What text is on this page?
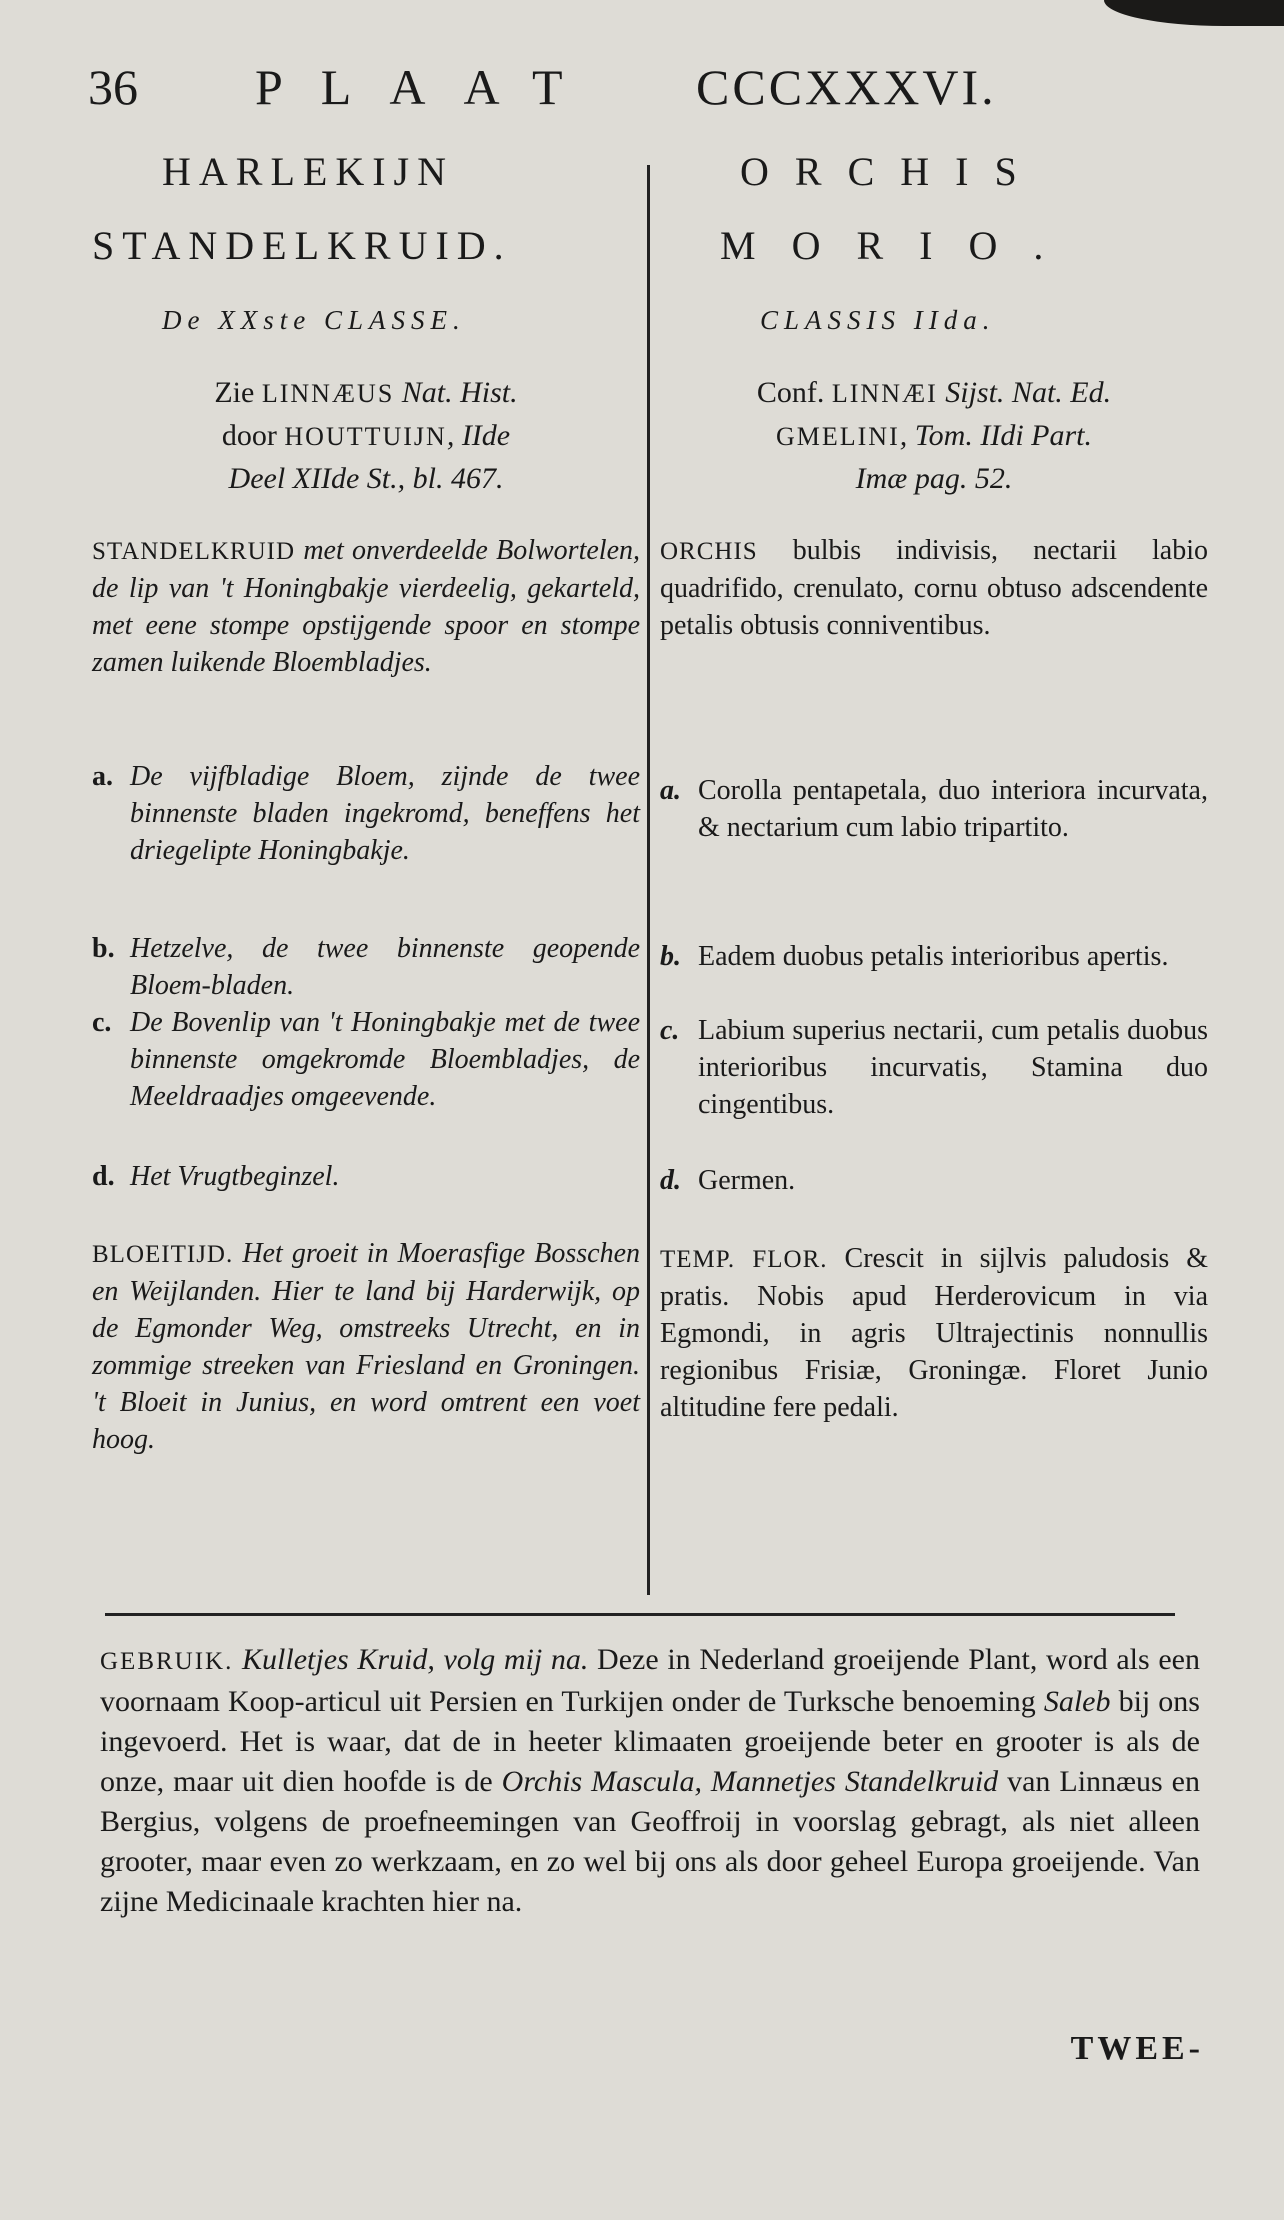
36 PLAAT CCCXXXVI.
HARLEKIJN
STANDELKRUID.
De XXste CLASSE.
Zie LINNÆUS Nat. Hist.
door HOUTTUIJN, IIde
Deel XIIde St., bl. 467.
STANDELKRUID met onverdeelde Bolwortelen, de lip van 't Honingbakje vierdeelig, gekarteld, met eene stompe opstijgende spoor en stompe zamen luikende Bloembladjes.
a. De vijfbladige Bloem, zijnde de twee binnenste bladen ingekromd, beneffens het driegelipte Honingbakje.
b. Hetzelve, de twee binnenste geopende Bloem-bladen.
c. De Bovenlip van 't Honingbakje met de twee binnenste omgekromde Bloembladjes, de Meeldraadjes omgeevende.
d. Het Vrugtbeginzel.
BLOEITIJD. Het groeit in Moerasfige Bosschen en Weijlanden. Hier te land bij Harderwijk, op de Egmonder Weg, omstreeks Utrecht, en in zommige streeken van Friesland en Groningen. 't Bloeit in Junius, en word omtrent een voet hoog.
ORCHIS
MORIO.
CLASSIS IIda.
Conf. LINNÆI Sijst. Nat. Ed.
GMELINI, Tom. IIdi Part.
Imæ pag. 52.
ORCHIS bulbis indivisis, nectarii labio quadrifido, crenulato, cornu obtuso adscendente petalis obtusis conniventibus.
a. Corolla pentapetala, duo interiora incurvata, & nectarium cum labio tripartito.
b. Eadem duobus petalis interioribus apertis.
c. Labium superius nectarii, cum petalis duobus interioribus incurvatis, Stamina duo cingentibus.
d. Germen.
TEMP. FLOR. Crescit in sijlvis paludosis & pratis. Nobis apud Herderovicum in via Egmondi, in agris Ultrajectinis nonnullis regionibus Frisiæ, Groningæ. Floret Junio altitudine fere pedali.
GEBRUIK. Kulletjes Kruid, volg mij na. Deze in Nederland groeijende Plant, word als een voornaam Koop-articul uit Persien en Turkijen onder de Turksche benoeming Saleb bij ons ingevoerd. Het is waar, dat de in heeter klimaaten groeijende beter en grooter is als de onze, maar uit dien hoofde is de Orchis Mascula, Mannetjes Standelkruid van Linnæus en Bergius, volgens de proefneemingen van Geoffroij in voorslag gebragt, als niet alleen grooter, maar even zo werkzaam, en zo wel bij ons als door geheel Europa groeijende. Van zijne Medicinaale krachten hier na.
TWEE-
